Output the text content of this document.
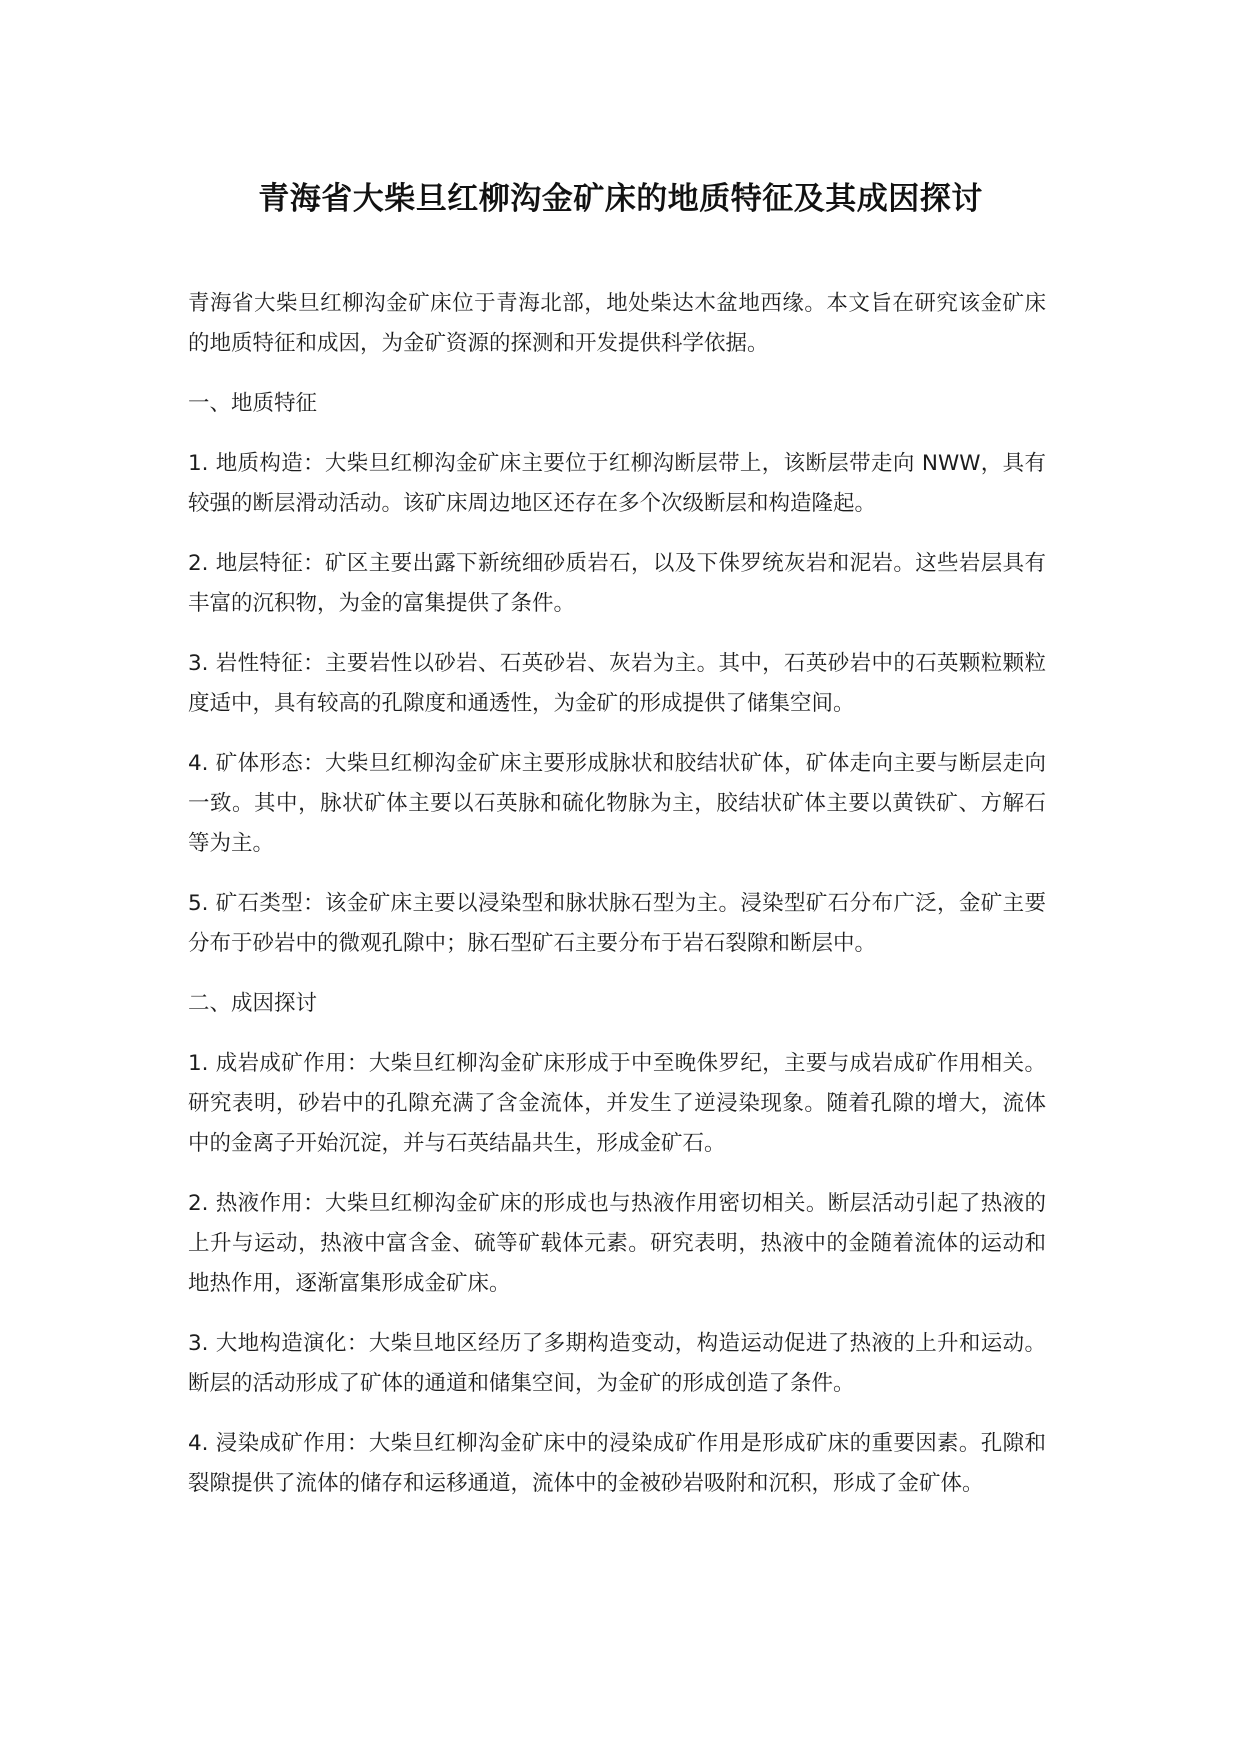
青海省大柴旦红柳沟金矿床的地质特征及其成因探讨

青海省大柴旦红柳沟金矿床位于青海北部，地处柴达木盆地西缘。本文旨在研究该金矿床的地质特征和成因，为金矿资源的探测和开发提供科学依据。

一、地质特征

1. 地质构造：大柴旦红柳沟金矿床主要位于红柳沟断层带上，该断层带走向 NWW，具有较强的断层滑动活动。该矿床周边地区还存在多个次级断层和构造隆起。

2. 地层特征：矿区主要出露下新统细砂质岩石，以及下侏罗统灰岩和泥岩。这些岩层具有丰富的沉积物，为金的富集提供了条件。

3. 岩性特征：主要岩性以砂岩、石英砂岩、灰岩为主。其中，石英砂岩中的石英颗粒颗粒度适中，具有较高的孔隙度和通透性，为金矿的形成提供了储集空间。

4. 矿体形态：大柴旦红柳沟金矿床主要形成脉状和胶结状矿体，矿体走向主要与断层走向一致。其中，脉状矿体主要以石英脉和硫化物脉为主，胶结状矿体主要以黄铁矿、方解石等为主。

5. 矿石类型：该金矿床主要以浸染型和脉状脉石型为主。浸染型矿石分布广泛，金矿主要分布于砂岩中的微观孔隙中；脉石型矿石主要分布于岩石裂隙和断层中。

二、成因探讨

1. 成岩成矿作用：大柴旦红柳沟金矿床形成于中至晚侏罗纪，主要与成岩成矿作用相关。研究表明，砂岩中的孔隙充满了含金流体，并发生了逆浸染现象。随着孔隙的增大，流体中的金离子开始沉淀，并与石英结晶共生，形成金矿石。

2. 热液作用：大柴旦红柳沟金矿床的形成也与热液作用密切相关。断层活动引起了热液的上升与运动，热液中富含金、硫等矿载体元素。研究表明，热液中的金随着流体的运动和地热作用，逐渐富集形成金矿床。

3. 大地构造演化：大柴旦地区经历了多期构造变动，构造运动促进了热液的上升和运动。断层的活动形成了矿体的通道和储集空间，为金矿的形成创造了条件。

4. 浸染成矿作用：大柴旦红柳沟金矿床中的浸染成矿作用是形成矿床的重要因素。孔隙和裂隙提供了流体的储存和运移通道，流体中的金被砂岩吸附和沉积，形成了金矿体。
